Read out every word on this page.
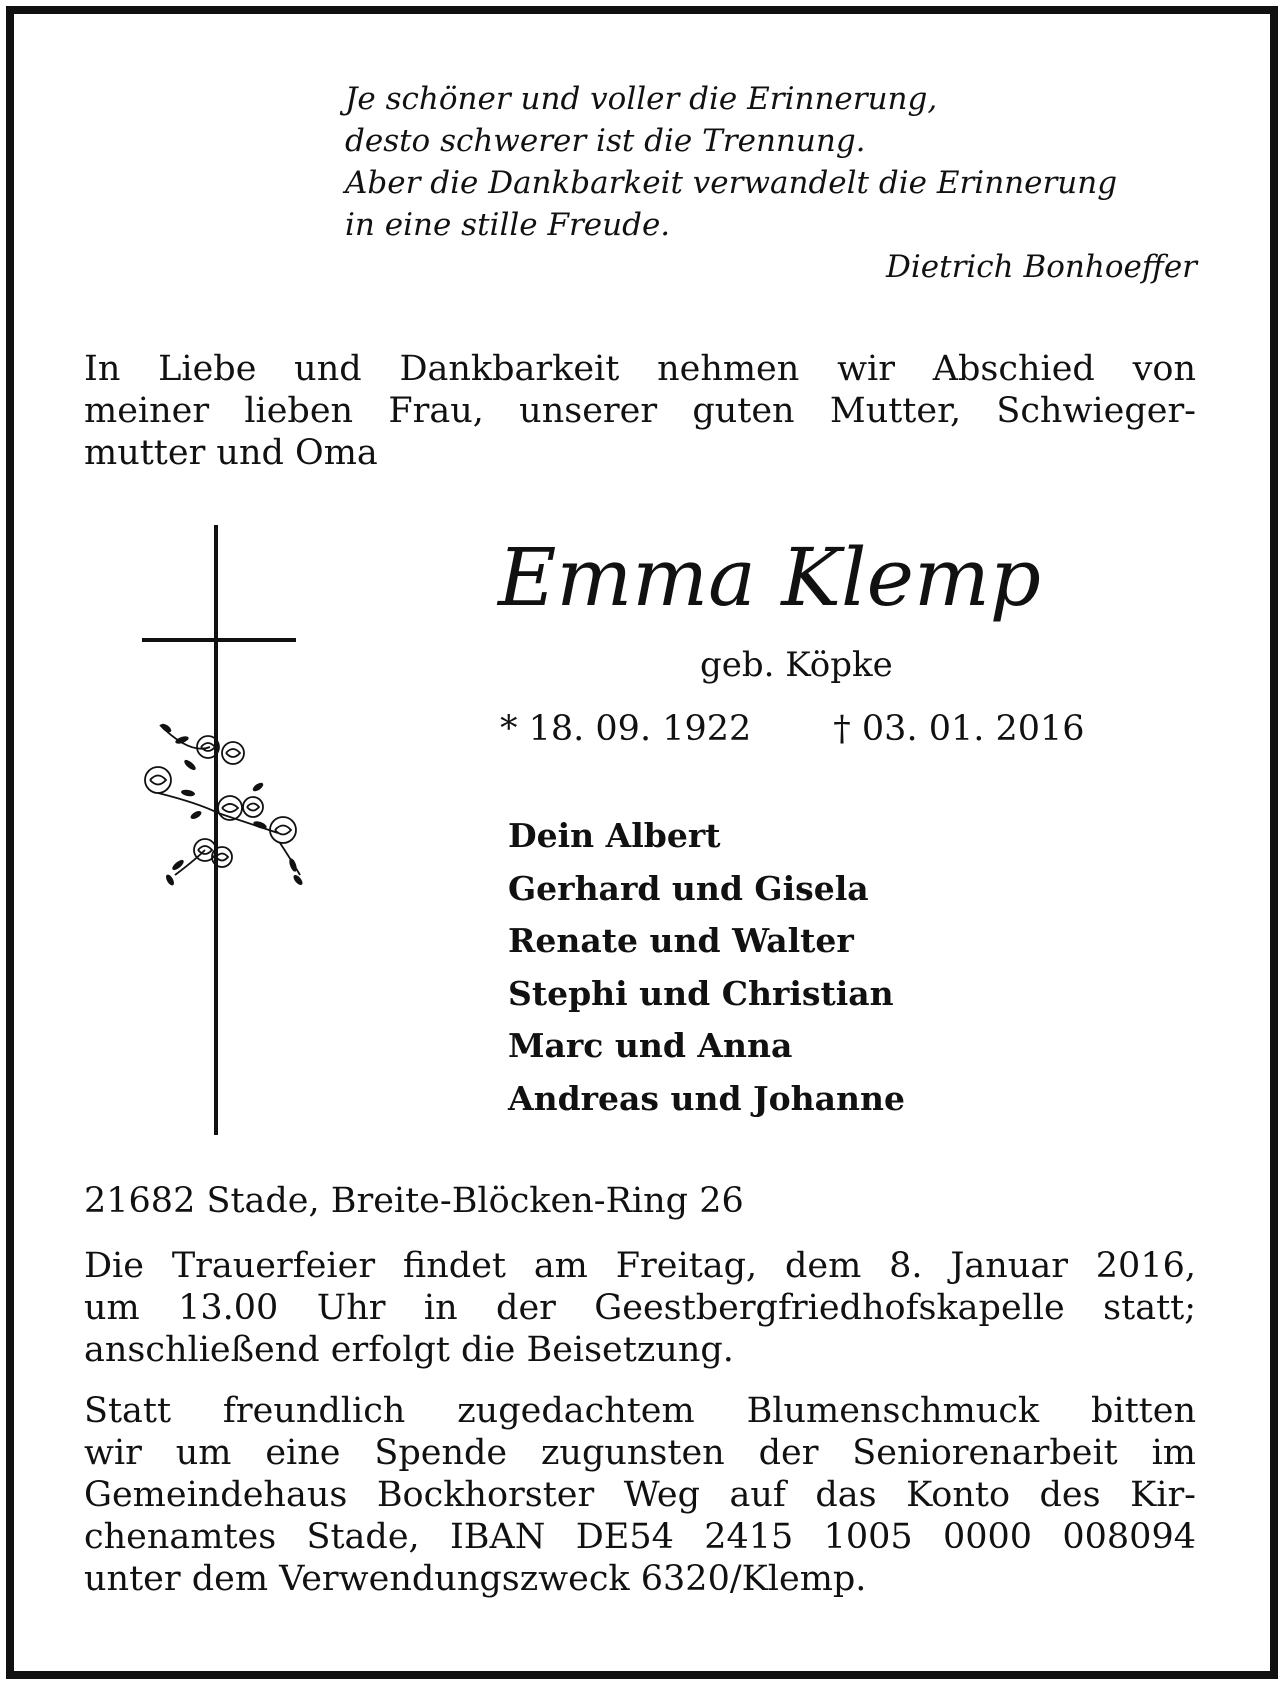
Je schöner und voller die Erinnerung,
desto schwerer ist die Trennung.
Aber die Dankbarkeit verwandelt die Erinnerung
in eine stille Freude.
Dietrich Bonhoeffer
In Liebe und Dankbarkeit nehmen wir Abschied von
meiner lieben Frau, unserer guten Mutter, Schwieger-
mutter und Oma
Emma Klemp
geb. Köpke
* 18. 09. 1922 † 03. 01. 2016
Dein Albert
Gerhard und Gisela
Renate und Walter
Stephi und Christian
Marc und Anna
Andreas und Johanne
21682 Stade, Breite-Blöcken-Ring 26
Die Trauerfeier findet am Freitag, dem 8. Januar 2016,
um 13.00 Uhr in der Geestbergfriedhofskapelle statt;
anschließend erfolgt die Beisetzung.
Statt freundlich zugedachtem Blumenschmuck bitten
wir um eine Spende zugunsten der Seniorenarbeit im
Gemeindehaus Bockhorster Weg auf das Konto des Kir-
chenamtes Stade, IBAN DE54 2415 1005 0000 008094
unter dem Verwendungszweck 6320/Klemp.
